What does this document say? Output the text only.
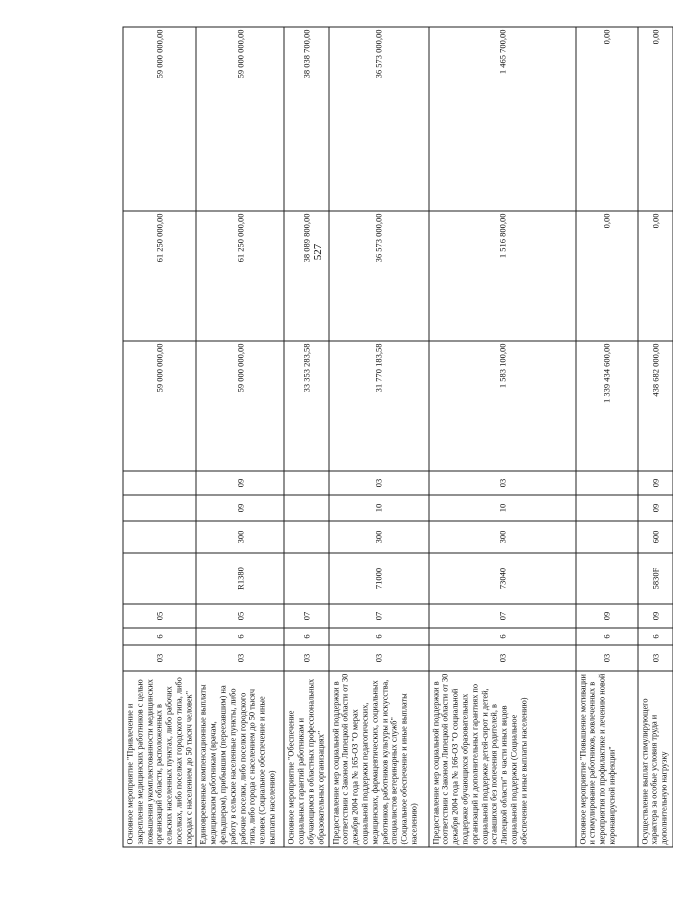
527
Основное мероприятие "Привлечение и закрепление медицинских работников с целью повышения укомплектованности медицинских организаций области, расположенных в сельских населенных пунктах, либо рабочих поселках, либо поселках городского типа, либо городах с населением до 50 тысяч человек"	03	6	05					59 000 000,00	61 250 000,00	59 000 000,00
Единовременные компенсационные выплаты медицинским работникам (врачам, фельдшерам), прибывшим (переехавшим) на работу в сельские населенные пункты, либо рабочие поселки, либо поселки городского типа, либо города с населением до 50 тысяч человек (Социальное обеспечение и иные выплаты населению)	03	6	05	R1380	300	09	09	59 000 000,00	61 250 000,00	59 000 000,00
Основное мероприятие "Обеспечение социальных гарантий работникам и обучающимся в областных профессиональных образовательных организациях"	03	6	07					33 353 283,58	38 089 800,00	38 038 700,00
Предоставление мер социальной поддержки в соответствии с Законом Липецкой области от 30 декабря 2004 года № 165-ОЗ "О мерах социальной поддержки педагогических, медицинских, фармацевтических, социальных работников, работников культуры и искусства, специалистов ветеринарных служб" (Социальное обеспечение и иные выплаты населению)	03	6	07	71000	300	10	03	31 770 183,58	36 573 000,00	36 573 000,00
Предоставление мер социальной поддержки в соответствии с Законом Липецкой области от 30 декабря 2004 года № 166-ОЗ "О социальной поддержке обучающихся образовательных организаций и дополнительных гарантиях по социальной поддержке детей-сирот и детей, оставшихся без попечения родителей, в Липецкой области" в части иных видов социальной поддержки (Социальное обеспечение и иные выплаты населению)	03	6	07	73040	300	10	03	1 583 100,00	1 516 800,00	1 465 700,00
Основное мероприятие "Повышение мотивации и стимулирование работников, вовлеченных в мероприятия по профилактике и лечению новой коронавирусной инфекции"	03	6	09					1 339 434 600,00	0,00	0,00
Осуществление выплат стимулирующего характера за особые условия труда и дополнительную нагрузку	03	6	09	5830F	600	09	09	438 682 000,00	0,00	0,00
